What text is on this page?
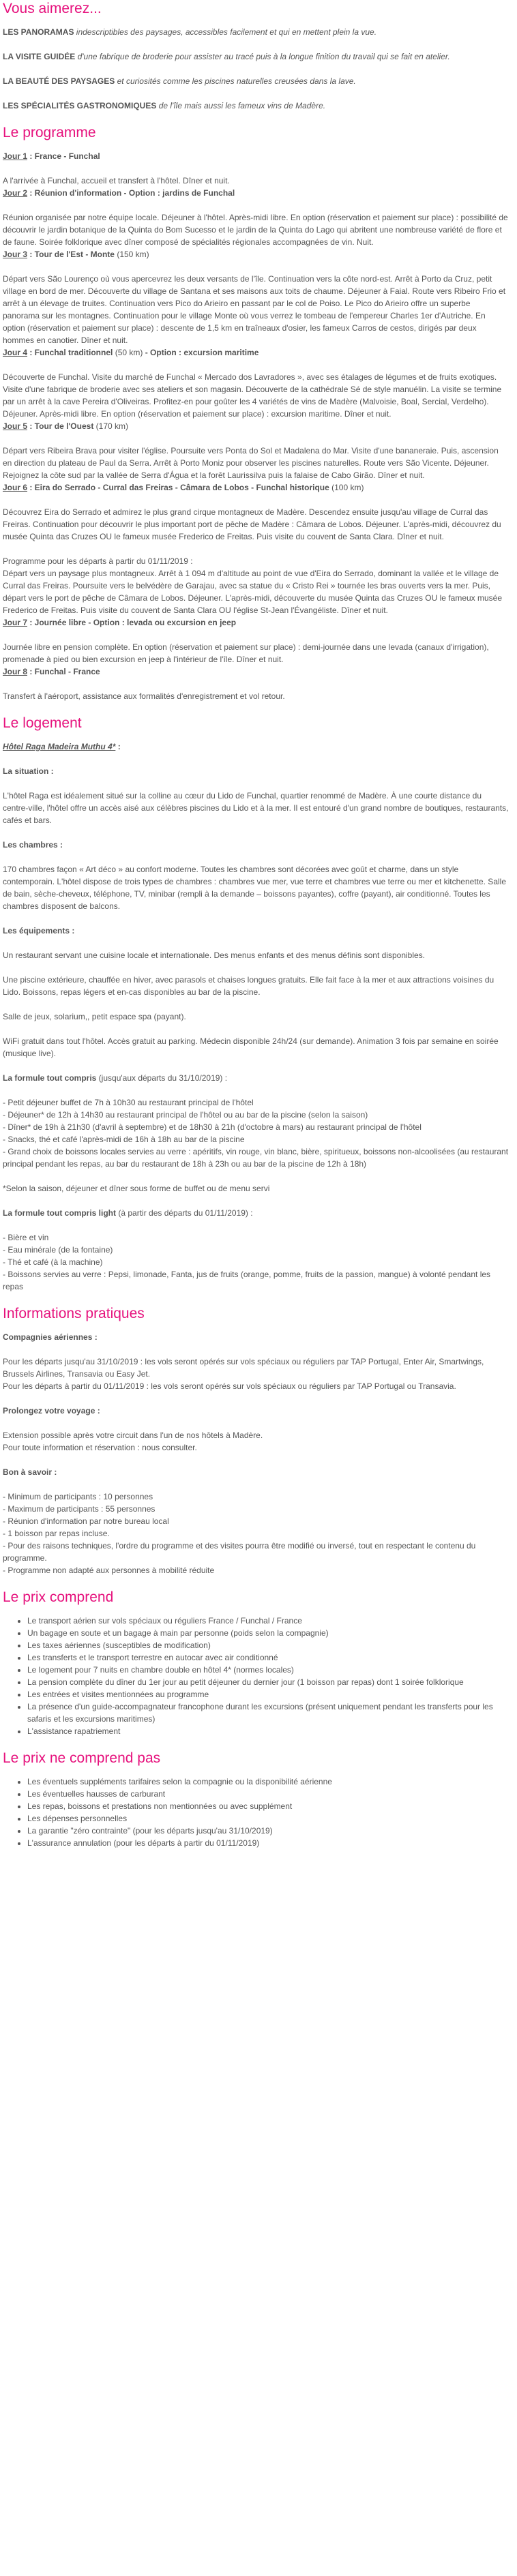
Vous aimerez...

LES PANORAMAS indescriptibles des paysages, accessibles facilement et qui en mettent plein la vue.

LA VISITE GUIDÉE d'une fabrique de broderie pour assister au tracé puis à la longue finition du travail qui se fait en atelier.

LA BEAUTÉ DES PAYSAGES et curiosités comme les piscines naturelles creusées dans la lave.

LES SPÉCIALITÉS GASTRONOMIQUES de l'île mais aussi les fameux vins de Madère.

Le programme
Jour 1 : France - Funchal
A l'arrivée à Funchal, accueil et transfert à l'hôtel. Dîner et nuit.
Jour 2 : Réunion d'information - Option : jardins de Funchal
Réunion organisée par notre équipe locale. Déjeuner à l'hôtel. Après-midi libre. En option (réservation et paiement sur place) : possibilité de découvrir le jardin botanique de la Quinta do Bom Sucesso et le jardin de la Quinta do Lago qui abritent une nombreuse variété de flore et de faune. Soirée folklorique avec dîner composé de spécialités régionales accompagnées de vin. Nuit.
Jour 3 : Tour de l'Est - Monte (150 km)
Départ vers São Lourenço où vous apercevrez les deux versants de l'île. Continuation vers la côte nord-est. Arrêt à Porto da Cruz, petit village en bord de mer. Découverte du village de Santana et ses maisons aux toits de chaume. Déjeuner à Faial. Route vers Ribeiro Frio et arrêt à un élevage de truites. Continuation vers Pico do Arieiro en passant par le col de Poiso. Le Pico do Arieiro offre un superbe panorama sur les montagnes. Continuation pour le village Monte où vous verrez le tombeau de l'empereur Charles 1er d'Autriche. En option (réservation et paiement sur place) : descente de 1,5 km en traîneaux d'osier, les fameux Carros de cestos, dirigés par deux hommes en canotier. Dîner et nuit.
Jour 4 : Funchal traditionnel (50 km) - Option : excursion maritime
Découverte de Funchal. Visite du marché de Funchal « Mercado dos Lavradores », avec ses étalages de légumes et de fruits exotiques. Visite d'une fabrique de broderie avec ses ateliers et son magasin. Découverte de la cathédrale Sé de style manuélin. La visite se termine par un arrêt à la cave Pereira d'Oliveiras. Profitez-en pour goûter les 4 variétés de vins de Madère (Malvoisie, Boal, Sercial, Verdelho). Déjeuner. Après-midi libre. En option (réservation et paiement sur place) : excursion maritime. Dîner et nuit.
Jour 5 : Tour de l'Ouest (170 km)
Départ vers Ribeira Brava pour visiter l'église. Poursuite vers Ponta do Sol et Madalena do Mar. Visite d'une bananeraie. Puis, ascension en direction du plateau de Paul da Serra. Arrêt à Porto Moniz pour observer les piscines naturelles. Route vers São Vicente. Déjeuner. Rejoignez la côte sud par la vallée de Serra d'Água et la forêt Laurissilva puis la falaise de Cabo Girão. Dîner et nuit.
Jour 6 : Eira do Serrado - Curral das Freiras - Câmara de Lobos - Funchal historique (100 km)
Découvrez Eira do Serrado et admirez le plus grand cirque montagneux de Madère. Descendez ensuite jusqu'au village de Curral das Freiras. Continuation pour découvrir le plus important port de pêche de Madère : Câmara de Lobos. Déjeuner. L'après-midi, découvrez du musée Quinta das Cruzes OU le fameux musée Frederico de Freitas. Puis visite du couvent de Santa Clara. Dîner et nuit.
Programme pour les départs à partir du 01/11/2019 :
Départ vers un paysage plus montagneux. Arrêt à 1 094 m d'altitude au point de vue d'Eira do Serrado, dominant la vallée et le village de Curral das Freiras. Poursuite vers le belvédère de Garajau, avec sa statue du « Cristo Rei » tournée les bras ouverts vers la mer. Puis, départ vers le port de pêche de Câmara de Lobos. Déjeuner. L'après-midi, découverte du musée Quinta das Cruzes OU le fameux musée Frederico de Freitas. Puis visite du couvent de Santa Clara OU l'église St-Jean l'Évangéliste. Dîner et nuit.
Jour 7 : Journée libre - Option : levada ou excursion en jeep
Journée libre en pension complète. En option (réservation et paiement sur place) : demi-journée dans une levada (canaux d'irrigation), promenade à pied ou bien excursion en jeep à l'intérieur de l'île. Dîner et nuit.
Jour 8 : Funchal - France
Transfert à l'aéroport, assistance aux formalités d'enregistrement et vol retour.
Le logement

Hôtel Raga Madeira Muthu 4* :

La situation :

L'hôtel Raga est idéalement situé sur la colline au cœur du Lido de Funchal, quartier renommé de Madère. À une courte distance du centre-ville, l'hôtel offre un accès aisé aux célèbres piscines du Lido et à la mer. Il est entouré d'un grand nombre de boutiques, restaurants, cafés et bars.

Les chambres :

170 chambres façon « Art déco » au confort moderne. Toutes les chambres sont décorées avec goût et charme, dans un style contemporain. L'hôtel dispose de trois types de chambres : chambres vue mer, vue terre et chambres vue terre ou mer et kitchenette. Salle de bain, sèche-cheveux, téléphone, TV, minibar (rempli à la demande – boissons payantes), coffre (payant), air conditionné. Toutes les chambres disposent de balcons.

Les équipements :

Un restaurant servant une cuisine locale et internationale. Des menus enfants et des menus définis sont disponibles.

Une piscine extérieure, chauffée en hiver, avec parasols et chaises longues gratuits. Elle fait face à la mer et aux attractions voisines du Lido. Boissons, repas légers et en-cas disponibles au bar de la piscine.

Salle de jeux, solarium,, petit espace spa (payant).

WiFi gratuit dans tout l'hôtel. Accès gratuit au parking. Médecin disponible 24h/24 (sur demande). Animation 3 fois par semaine en soirée (musique live).

La formule tout compris (jusqu'aux départs du 31/10/2019) :

- Petit déjeuner buffet de 7h à 10h30 au restaurant principal de l'hôtel
- Déjeuner* de 12h à 14h30 au restaurant principal de l'hôtel ou au bar de la piscine (selon la saison)
- Dîner* de 19h à 21h30 (d'avril à septembre) et de 18h30 à 21h (d'octobre à mars) au restaurant principal de l'hôtel
- Snacks, thé et café l'après-midi de 16h à 18h au bar de la piscine
- Grand choix de boissons locales servies au verre : apéritifs, vin rouge, vin blanc, bière, spiritueux, boissons non-alcoolisées (au restaurant principal pendant les repas, au bar du restaurant de 18h à 23h ou au bar de la piscine de 12h à 18h)

*Selon la saison, déjeuner et dîner sous forme de buffet ou de menu servi

La formule tout compris light (à partir des départs du 01/11/2019) :

- Bière et vin
- Eau minérale (de la fontaine)
- Thé et café (à la machine)
- Boissons servies au verre : Pepsi, limonade, Fanta, jus de fruits (orange, pomme, fruits de la passion, mangue) à volonté pendant les repas
Informations pratiques

Compagnies aériennes :

Pour les départs jusqu'au 31/10/2019 : les vols seront opérés sur vols spéciaux ou réguliers par TAP Portugal, Enter Air, Smartwings, Brussels Airlines, Transavia ou Easy Jet.
Pour les départs à partir du 01/11/2019 : les vols seront opérés sur vols spéciaux ou réguliers par TAP Portugal ou Transavia.

Prolongez votre voyage :

Extension possible après votre circuit dans l'un de nos hôtels à Madère.
Pour toute information et réservation : nous consulter.

Bon à savoir :

- Minimum de participants : 10 personnes
- Maximum de participants : 55 personnes
- Réunion d'information par notre bureau local
- 1 boisson par repas incluse.
- Pour des raisons techniques, l'ordre du programme et des visites pourra être modifié ou inversé, tout en respectant le contenu du programme.
- Programme non adapté aux personnes à mobilité réduite
Le prix comprend
• Le transport aérien sur vols spéciaux ou réguliers France / Funchal / France
• Un bagage en soute et un bagage à main par personne (poids selon la compagnie)
• Les taxes aériennes (susceptibles de modification)
• Les transferts et le transport terrestre en autocar avec air conditionné
• Le logement pour 7 nuits en chambre double en hôtel 4* (normes locales)
• La pension complète du dîner du 1er jour au petit déjeuner du dernier jour (1 boisson par repas) dont 1 soirée folklorique
• Les entrées et visites mentionnées au programme
• La présence d'un guide-accompagnateur francophone durant les excursions (présent uniquement pendant les transferts pour les safaris et les excursions maritimes)
• L'assistance rapatriement
Le prix ne comprend pas
• Les éventuels suppléments tarifaires selon la compagnie ou la disponibilité aérienne
• Les éventuelles hausses de carburant
• Les repas, boissons et prestations non mentionnées ou avec supplément
• Les dépenses personnelles
• La garantie "zéro contrainte" (pour les départs jusqu'au 31/10/2019)
• L'assurance annulation (pour les départs à partir du 01/11/2019)
